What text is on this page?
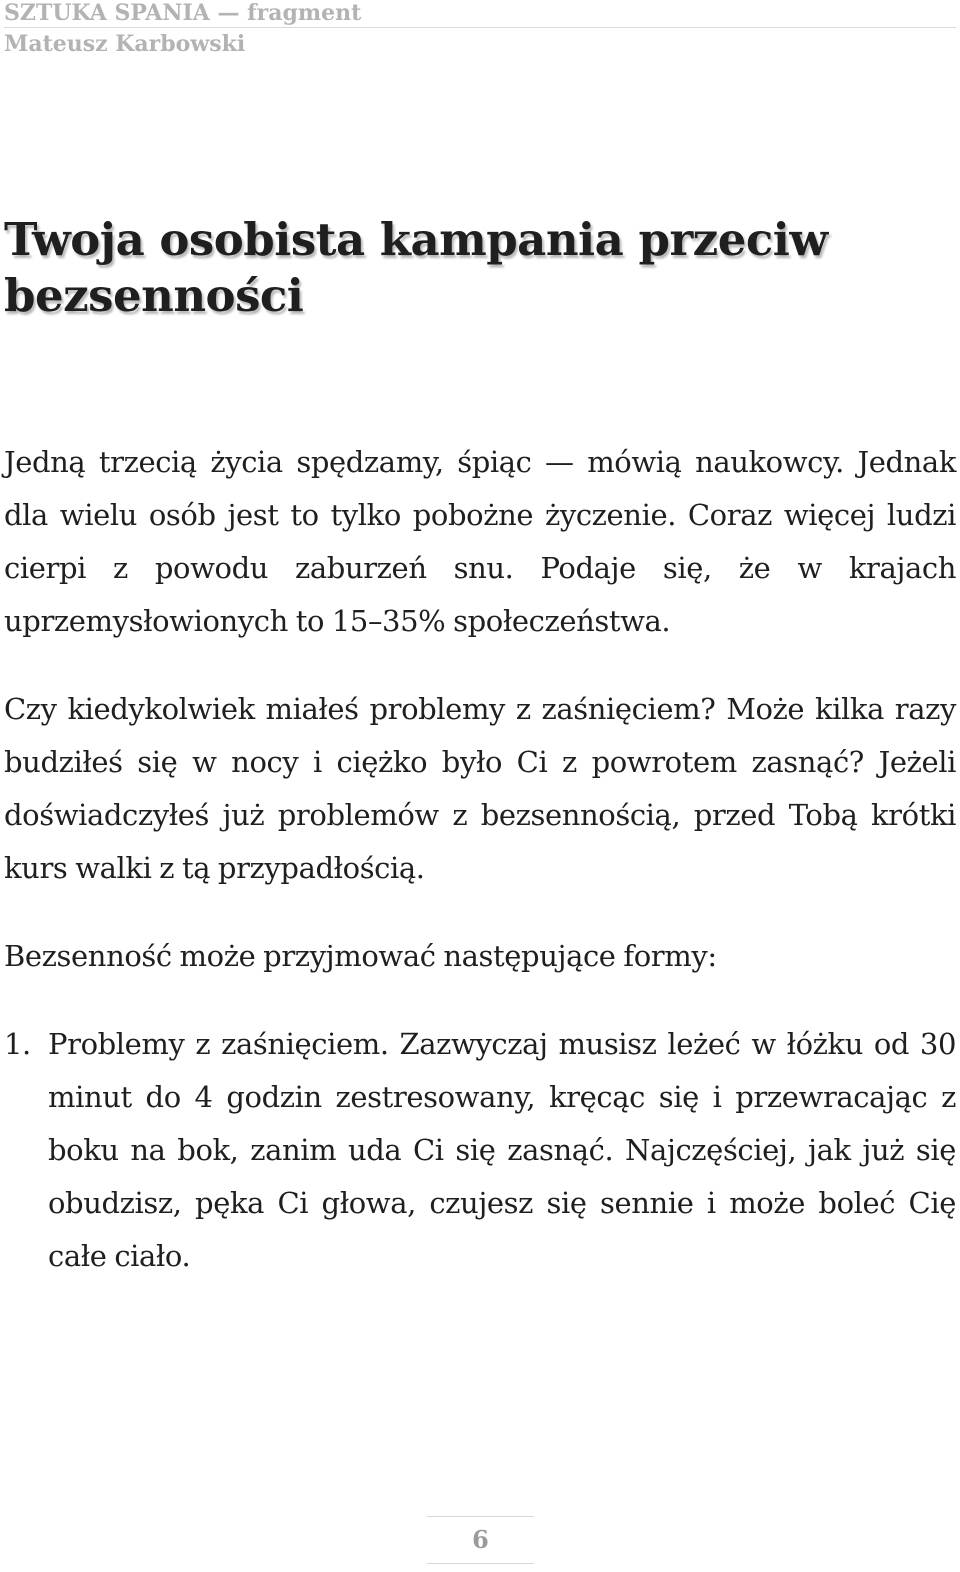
SZTUKA SPANIA — fragment
Mateusz Karbowski
Twoja osobista kampania przeciw bezsenności

Jedną trzecią życia spędzamy, śpiąc — mówią naukowcy. Jednak dla wielu osób jest to tylko pobożne życzenie. Coraz więcej ludzi cierpi z powodu zaburzeń snu. Podaje się, że w krajach uprzemysłowionych to 15–35% społeczeństwa.

Czy kiedykolwiek miałeś problemy z zaśnięciem? Może kilka razy budziłeś się w nocy i ciężko było Ci z powrotem zasnąć? Jeżeli doświadczyłeś już problemów z bezsennością, przed Tobą krótki kurs walki z tą przypadłością.

Bezsenność może przyjmować następujące formy:

1. Problemy z zaśnięciem. Zazwyczaj musisz leżeć w łóżku od 30 minut do 4 godzin zestresowany, kręcąc się i przewracając z boku na bok, zanim uda Ci się zasnąć. Najczęściej, jak już się obudzisz, pęka Ci głowa, czujesz się sennie i może boleć Cię całe ciało.
6
